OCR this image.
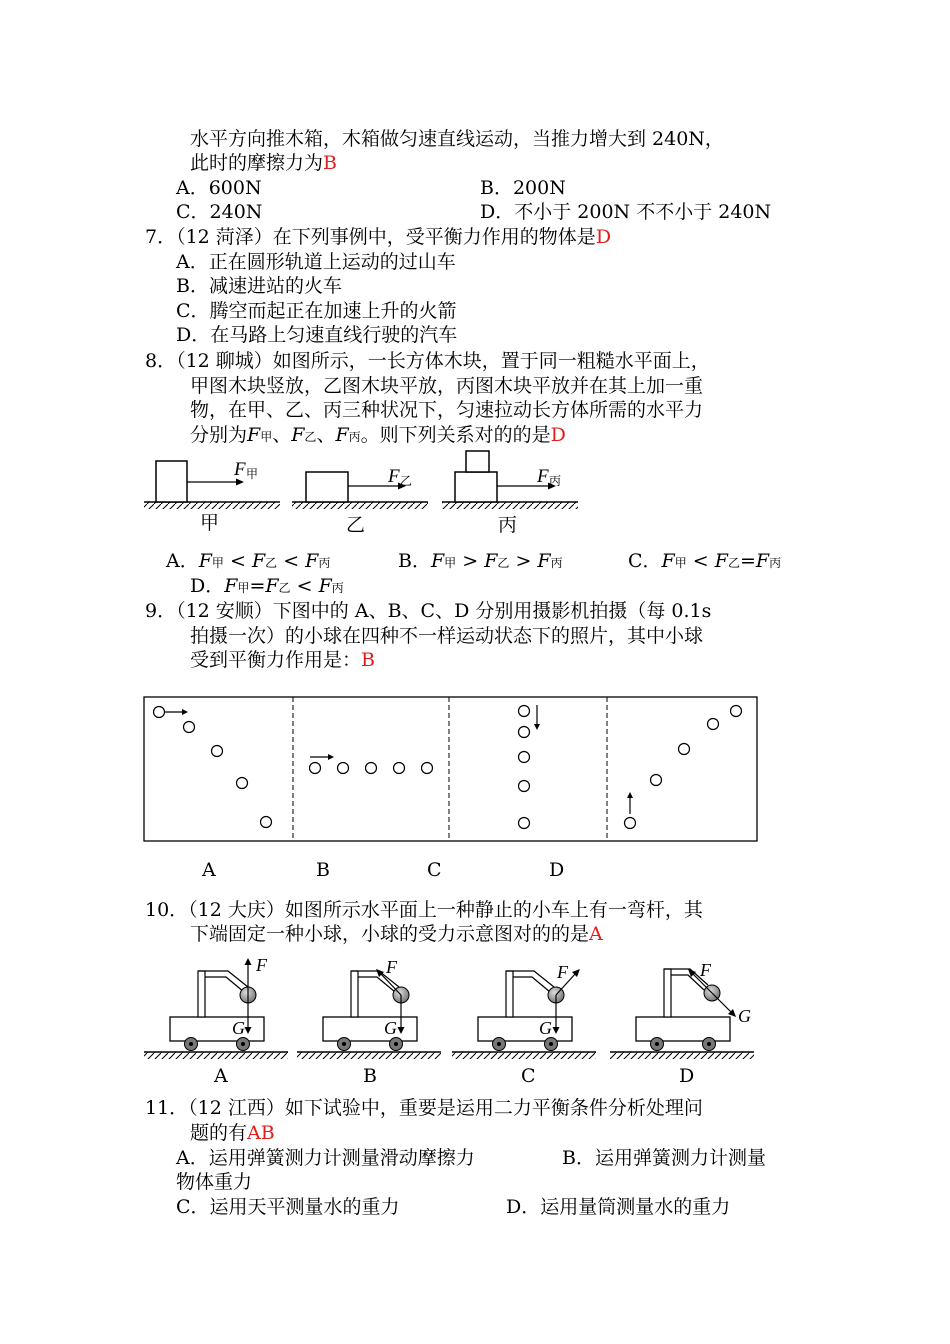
水平方向推木箱，木箱做匀速直线运动，当推力增大到 240N，
此时的摩擦力为B
A．600N	B．200N
C．240N	D．不小于 200N 不不小于 240N
7．（12 菏泽）在下列事例中，受平衡力作用的物体是D
A．正在圆形轨道上运动的过山车
B．减速进站的火车
C．腾空而起正在加速上升的火箭
D．在马路上匀速直线行驶的汽车
8．（12 聊城）如图所示，一长方体木块，置于同一粗糙水平面上，
甲图木块竖放，乙图木块平放，丙图木块平放并在其上加一重
物，在甲、乙、丙三种状况下，匀速拉动长方体所需的水平力
分别为F甲、F乙、F丙。则下列关系对的的是D
F 甲
甲
F 乙
乙
F 丙
丙
A．F甲 < F乙 < F丙	B．F甲 > F乙 > F丙	C．F甲 < F乙=F丙
D．F甲=F乙 < F丙
9．（12 安顺）下图中的 A、B、C、D 分别用摄影机拍摄（每 0.1s
拍摄一次）的小球在四种不一样运动状态下的照片，其中小球
受到平衡力作用是：B
A	B	C	D
10．（12 大庆）如图所示水平面上一种静止的小车上有一弯杆，其
下端固定一种小球，小球的受力示意图对的的是A
F
G
F
G
F
G
F
G
A	B	C	D
11．（12 江西）如下试验中，重要是运用二力平衡条件分析处理问
题的有AB
A．运用弹簧测力计测量滑动摩擦力	B．运用弹簧测力计测量
物体重力
C．运用天平测量水的重力	D．运用量筒测量水的重力
